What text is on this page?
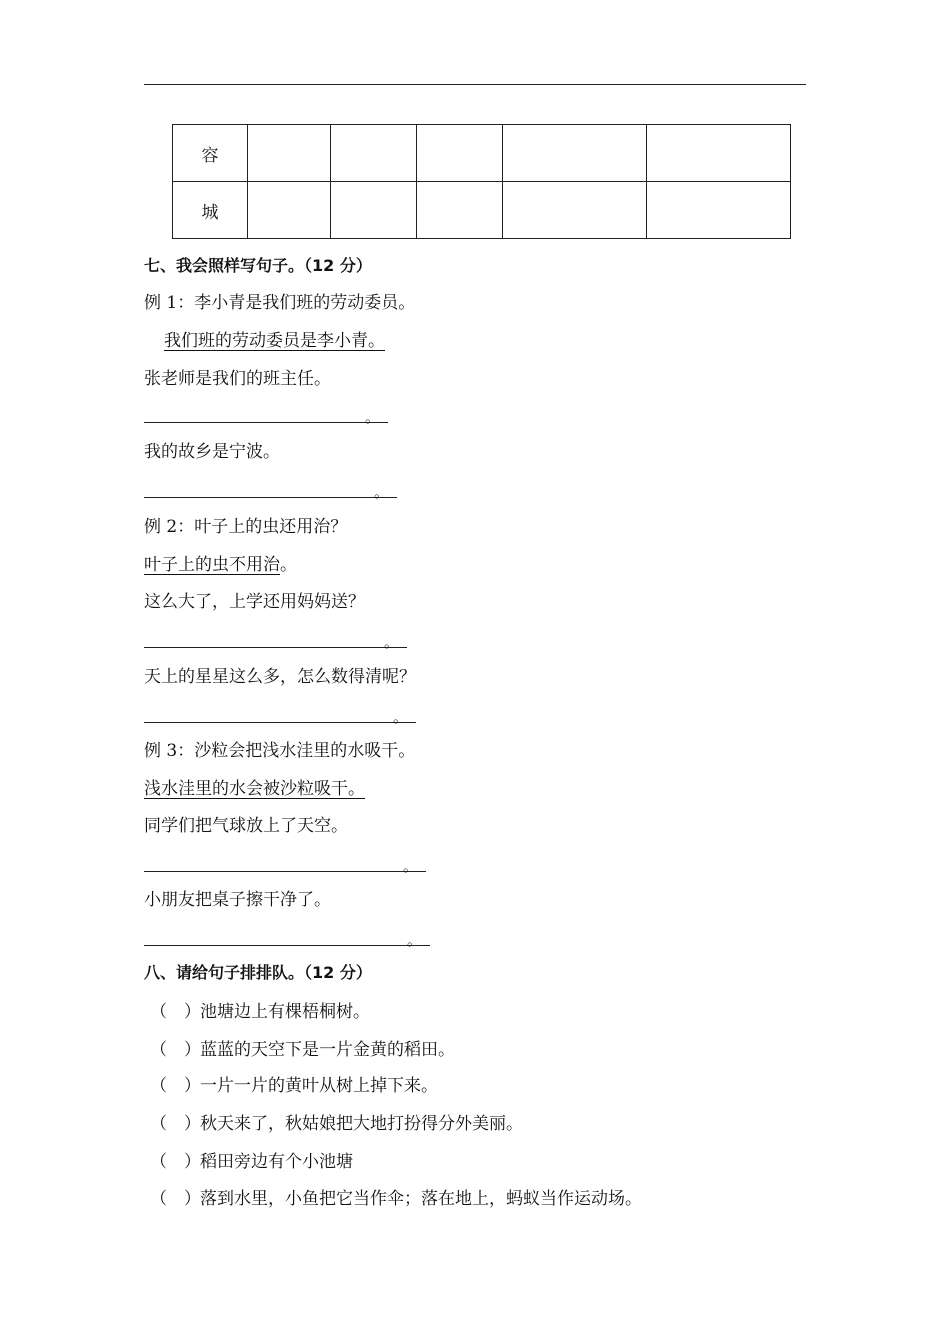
容					
城					
七、我会照样写句子。（12 分）
例 1：李小青是我们班的劳动委员。
我们班的劳动委员是李小青。
张老师是我们的班主任。
。
我的故乡是宁波。
。
例 2：叶子上的虫还用治？
叶子上的虫不用治。
这么大了，上学还用妈妈送？
。
天上的星星这么多，怎么数得清呢？
。
例 3：沙粒会把浅水洼里的水吸干。
浅水洼里的水会被沙粒吸干。
同学们把气球放上了天空。
。
小朋友把桌子擦干净了。
。
八、请给句子排排队。（12 分）
（　）池塘边上有棵梧桐树。
（　）蓝蓝的天空下是一片金黄的稻田。
（　）一片一片的黄叶从树上掉下来。
（　）秋天来了，秋姑娘把大地打扮得分外美丽。
（　）稻田旁边有个小池塘
（　）落到水里，小鱼把它当作伞；落在地上，蚂蚁当作运动场。
